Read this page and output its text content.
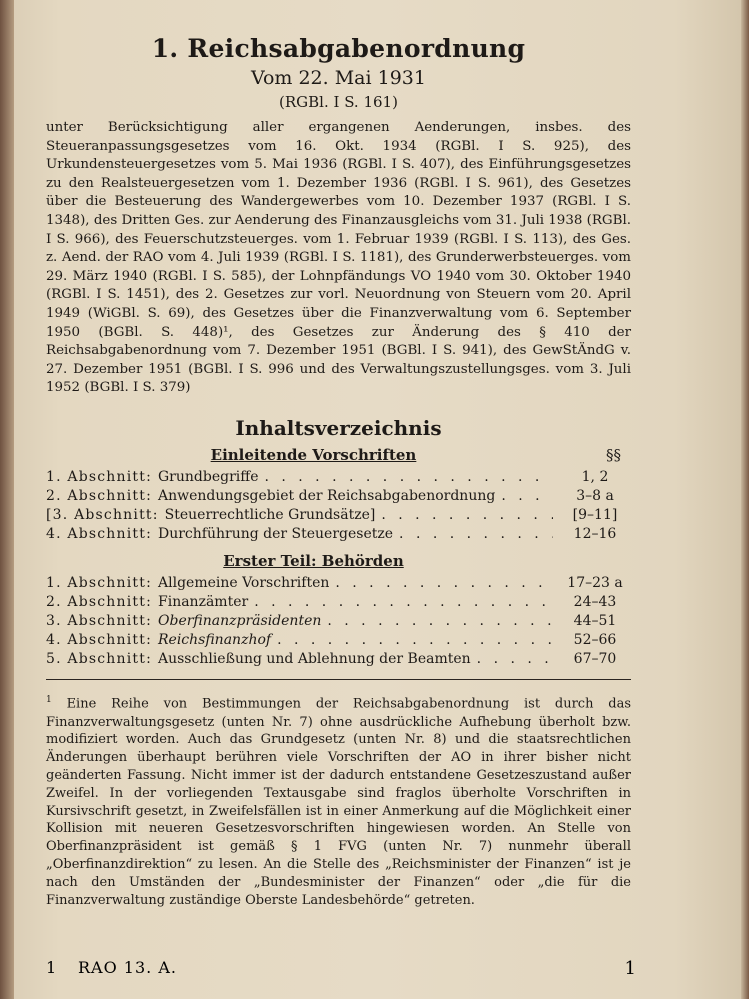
1. Reichsabgabenordnung
Vom 22. Mai 1931
(RGBl. I S. 161)

unter Berücksichtigung aller ergangenen Aenderungen, insbes. des Steueranpassungsgesetzes vom 16. Okt. 1934 (RGBl. I S. 925), des Urkundensteuergesetzes vom 5. Mai 1936 (RGBl. I S. 407), des Einführungsgesetzes zu den Realsteuergesetzen vom 1. Dezember 1936 (RGBl. I S. 961), des Gesetzes über die Besteuerung des Wandergewerbes vom 10. Dezember 1937 (RGBl. I S. 1348), des Dritten Ges. zur Aenderung des Finanzausgleichs vom 31. Juli 1938 (RGBl. I S. 966), des Feuerschutzsteuerges. vom 1. Februar 1939 (RGBl. I S. 113), des Ges. z. Aend. der RAO vom 4. Juli 1939 (RGBl. I S. 1181), des Grunderwerbsteuerges. vom 29. März 1940 (RGBl. I S. 585), der Lohnpfändungs VO 1940 vom 30. Oktober 1940 (RGBl. I S. 1451), des 2. Gesetzes zur vorl. Neuordnung von Steuern vom 20. April 1949 (WiGBl. S. 69), des Gesetzes über die Finanzverwaltung vom 6. September 1950 (BGBl. S. 448)¹, des Gesetzes zur Änderung des § 410 der Reichsabgabenordnung vom 7. Dezember 1951 (BGBl. I S. 941), des GewStÄndG v. 27. Dezember 1951 (BGBl. I S. 996 und des Verwaltungszustellungsges. vom 3. Juli 1952 (BGBl. I S. 379)

Inhaltsverzeichnis
Einleitende Vorschriften	§§
1. Abschnitt: Grundbegriffe . . .	1, 2
2. Abschnitt: Anwendungsgebiet der Reichsabgabenordnung . . .	3–8 a
[3. Abschnitt: Steuerrechtliche Grundsätze] . . .	[9–11]
4. Abschnitt: Durchführung der Steuergesetze . . .	12–16
Erster Teil: Behörden
1. Abschnitt: Allgemeine Vorschriften . . .	17–23 a
2. Abschnitt: Finanzämter . . .	24–43
3. Abschnitt: Oberfinanzpräsidenten . . .	44–51
4. Abschnitt: Reichsfinanzhof . . .	52–66
5. Abschnitt: Ausschließung und Ablehnung der Beamten . . .	67–70

$^1$ Eine Reihe von Bestimmungen der Reichsabgabenordnung ist durch das Finanzverwaltungsgesetz (unten Nr. 7) ohne ausdrückliche Aufhebung überholt bzw. modifiziert worden. Auch das Grundgesetz (unten Nr. 8) und die staatsrechtlichen Änderungen überhaupt berühren viele Vorschriften der AO in ihrer bisher nicht geänderten Fassung. Nicht immer ist der dadurch entstandene Gesetzeszustand außer Zweifel. In der vorliegenden Textausgabe sind fraglos überholte Vorschriften in Kursivschrift gesetzt, in Zweifelsfällen ist in einer Anmerkung auf die Möglichkeit einer Kollision mit neueren Gesetzesvorschriften hingewiesen worden. An Stelle von Oberfinanzpräsident ist gemäß § 1 FVG (unten Nr. 7) nunmehr überall „Oberfinanzdirektion“ zu lesen. An die Stelle des „Reichsminister der Finanzen“ ist je nach den Umständen der „Bundesminister der Finanzen“ oder „die für die Finanzverwaltung zuständige Oberste Landesbehörde“ getreten.

1 RAO 13. A.	1
